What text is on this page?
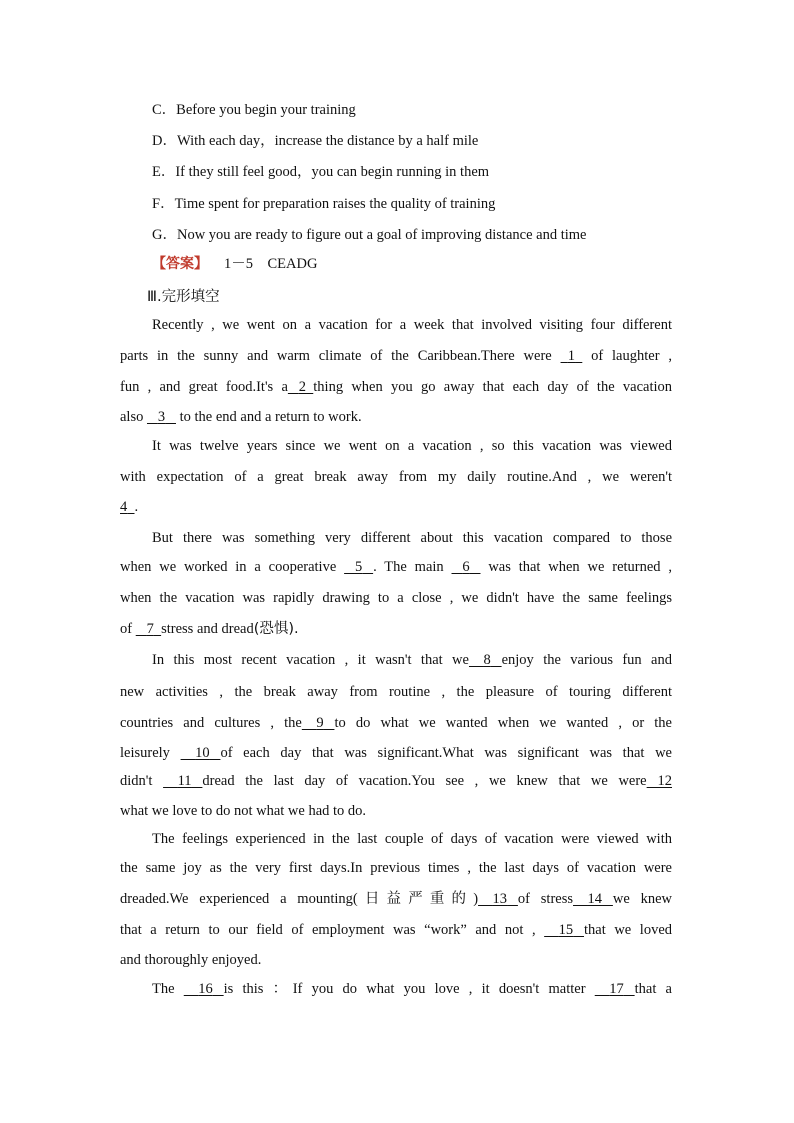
C．Before you begin your training
D．With each day，increase the distance by a half mile
E．If they still feel good，you can begin running in them
F．Time spent for preparation raises the quality of training
G．Now you are ready to figure out a goal of improving distance and time
【答案】 1－5　CEADG
Ⅲ.完形填空
Recently , we went on a vacation for a week that involved visiting four different
parts in the sunny and warm climate of the Caribbean.There were   1   of laughter ,
fun , and great food.It's a 2 thing when you go away that each day of the vacation
also    3    to the end and a return to work.
It was twelve years since we went on a vacation , so this vacation was viewed
with expectation of a great break away from my daily routine.And , we weren't
4 .
But there was something very different about this vacation compared to those
when we worked in a cooperative    5 . The main    6    was that when we returned ,
when the vacation was rapidly drawing to a close , we didn't have the same feelings
of    7 stress and dread(恐惧).
In this most recent vacation , it wasn't that we 8 enjoy the various fun and
new activities , the break away from routine , the pleasure of touring different
countries and cultures , the 9 to do what we wanted when we wanted , or the
leisurely     10 of each day that was significant.What was significant was that we
didn't     11 dread the last day of vacation.You see , we knew that we were 12
what we love to do not what we had to do.
The feelings experienced in the last couple of days of vacation were viewed with
the same joy as the very first days.In previous times , the last days of vacation were
dreaded.We experienced a mounting(日益严重的) 13 of stress 14 we knew
that a return to our field of employment was “work” and not ,     15 that we loved
and thoroughly enjoyed.
The     16 is this ：If you do what you love , it doesn't matter     17 that a
